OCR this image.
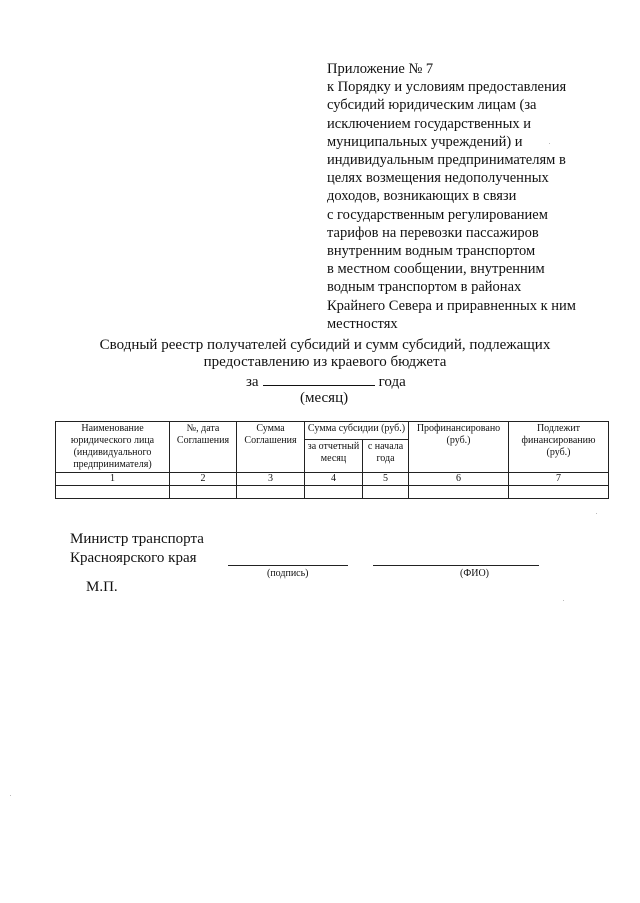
Приложение № 7
к Порядку и условиям предоставления
субсидий юридическим лицам (за
исключением государственных и
муниципальных учреждений) и
индивидуальным предпринимателям в
целях возмещения недополученных
доходов, возникающих в связи
с государственным регулированием
тарифов на перевозки пассажиров
внутренним водным транспортом
в местном сообщении, внутренним
водным транспортом в районах
Крайнего Севера и приравненных к ним
местностях
Сводный реестр получателей субсидий и сумм субсидий, подлежащих
предоставлению из краевого бюджета
за	года
(месяц)
Наименование юридического лица (индивидуального предпринимателя)	№, дата Соглашения	Сумма Соглашения	Сумма субсидии (руб.)		Профинансировано (руб.)	Подлежит финансированию (руб.)
			за отчетный месяц	с начала года		
1	2	3	4	5	6	7

Министр транспорта
Красноярского края
(подпись)	(ФИО)
М.П.
